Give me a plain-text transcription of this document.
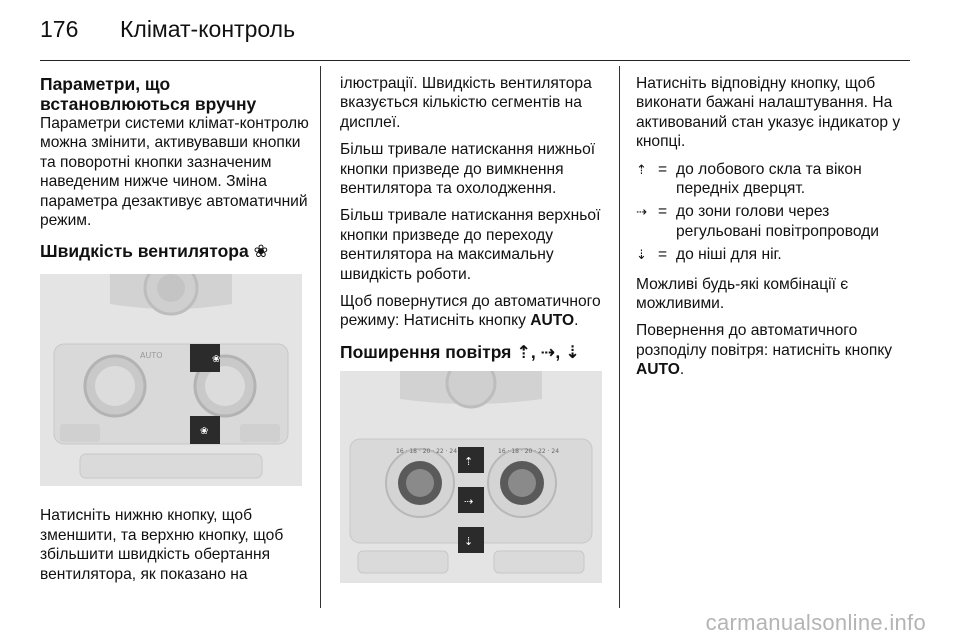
176 Клімат-контроль
Параметри, що встановлюються вручну

Параметри системи клімат-контролю можна змінити, активувавши кнопки та поворотні кнопки зазначеним наведеним нижче чином. Зміна параметра дезактивує автоматичний режим.

Швидкість вентилятора ❀
❀
❀
AUTO

Натисніть нижню кнопку, щоб зменшити, та верхню кнопку, щоб збільшити швидкість обертання вентилятора, як показано на

ілюстрації. Швидкість вентилятора вказується кількістю сегментів на дисплеї.

Більш тривале натискання нижньої кнопки призведе до вимкнення вентилятора та охолодження.

Більш тривале натискання верхньої кнопки призведе до переходу вентилятора на максимальну швидкість роботи.

Щоб повернутися до автоматичного режиму: Натисніть кнопку AUTO.

Поширення повітря ⇡, ⇢, ⇣
16 · 18 · 20 · 22 · 24	16 · 18 · 20 · 22 · 24
⇡
⇢
⇣

Натисніть відповідну кнопку, щоб виконати бажані налаштування. На активований стан указує індикатор у кнопці.

⇡ = до лобового скла та вікон передніх дверцят.
⇢ = до зони голови через регульовані повітропроводи
⇣ = до ніші для ніг.

Можливі будь-які комбінації є можливими.

Повернення до автоматичного розподілу повітря: натисніть кнопку AUTO.

carmanualsonline.info
